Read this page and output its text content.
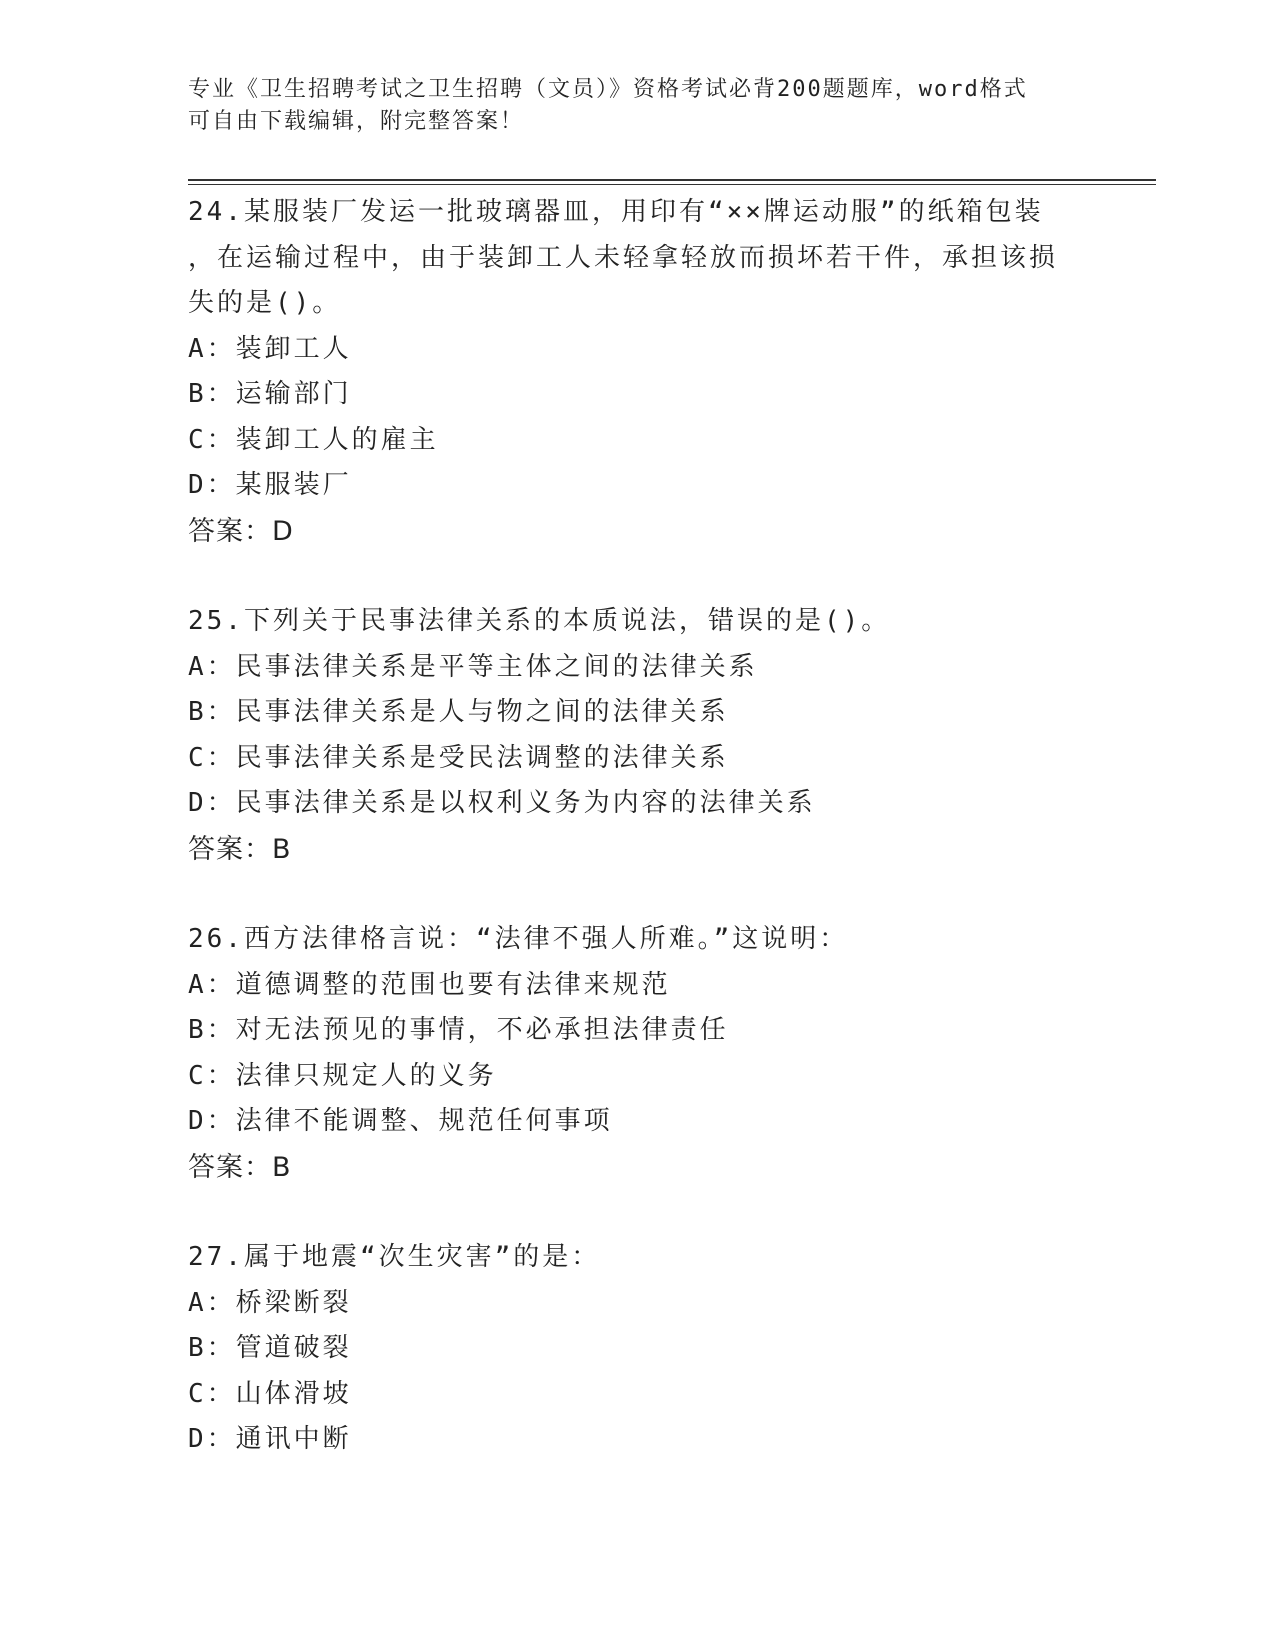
专业《卫生招聘考试之卫生招聘（文员）》资格考试必背200题题库，word格式
可自由下载编辑，附完整答案！

24.某服装厂发运一批玻璃器皿，用印有“××牌运动服”的纸箱包装

，在运输过程中，由于装卸工人未轻拿轻放而损坏若干件，承担该损

失的是()。

A：装卸工人

B：运输部门

C：装卸工人的雇主

D：某服装厂

答案：D

25.下列关于民事法律关系的本质说法，错误的是()。

A：民事法律关系是平等主体之间的法律关系

B：民事法律关系是人与物之间的法律关系

C：民事法律关系是受民法调整的法律关系

D：民事法律关系是以权利义务为内容的法律关系

答案：B

26.西方法律格言说：“法律不强人所难。”这说明：

A：道德调整的范围也要有法律来规范

B：对无法预见的事情，不必承担法律责任

C：法律只规定人的义务

D：法律不能调整、规范任何事项

答案：B

27.属于地震“次生灾害”的是：

A：桥梁断裂

B：管道破裂

C：山体滑坡

D：通讯中断
